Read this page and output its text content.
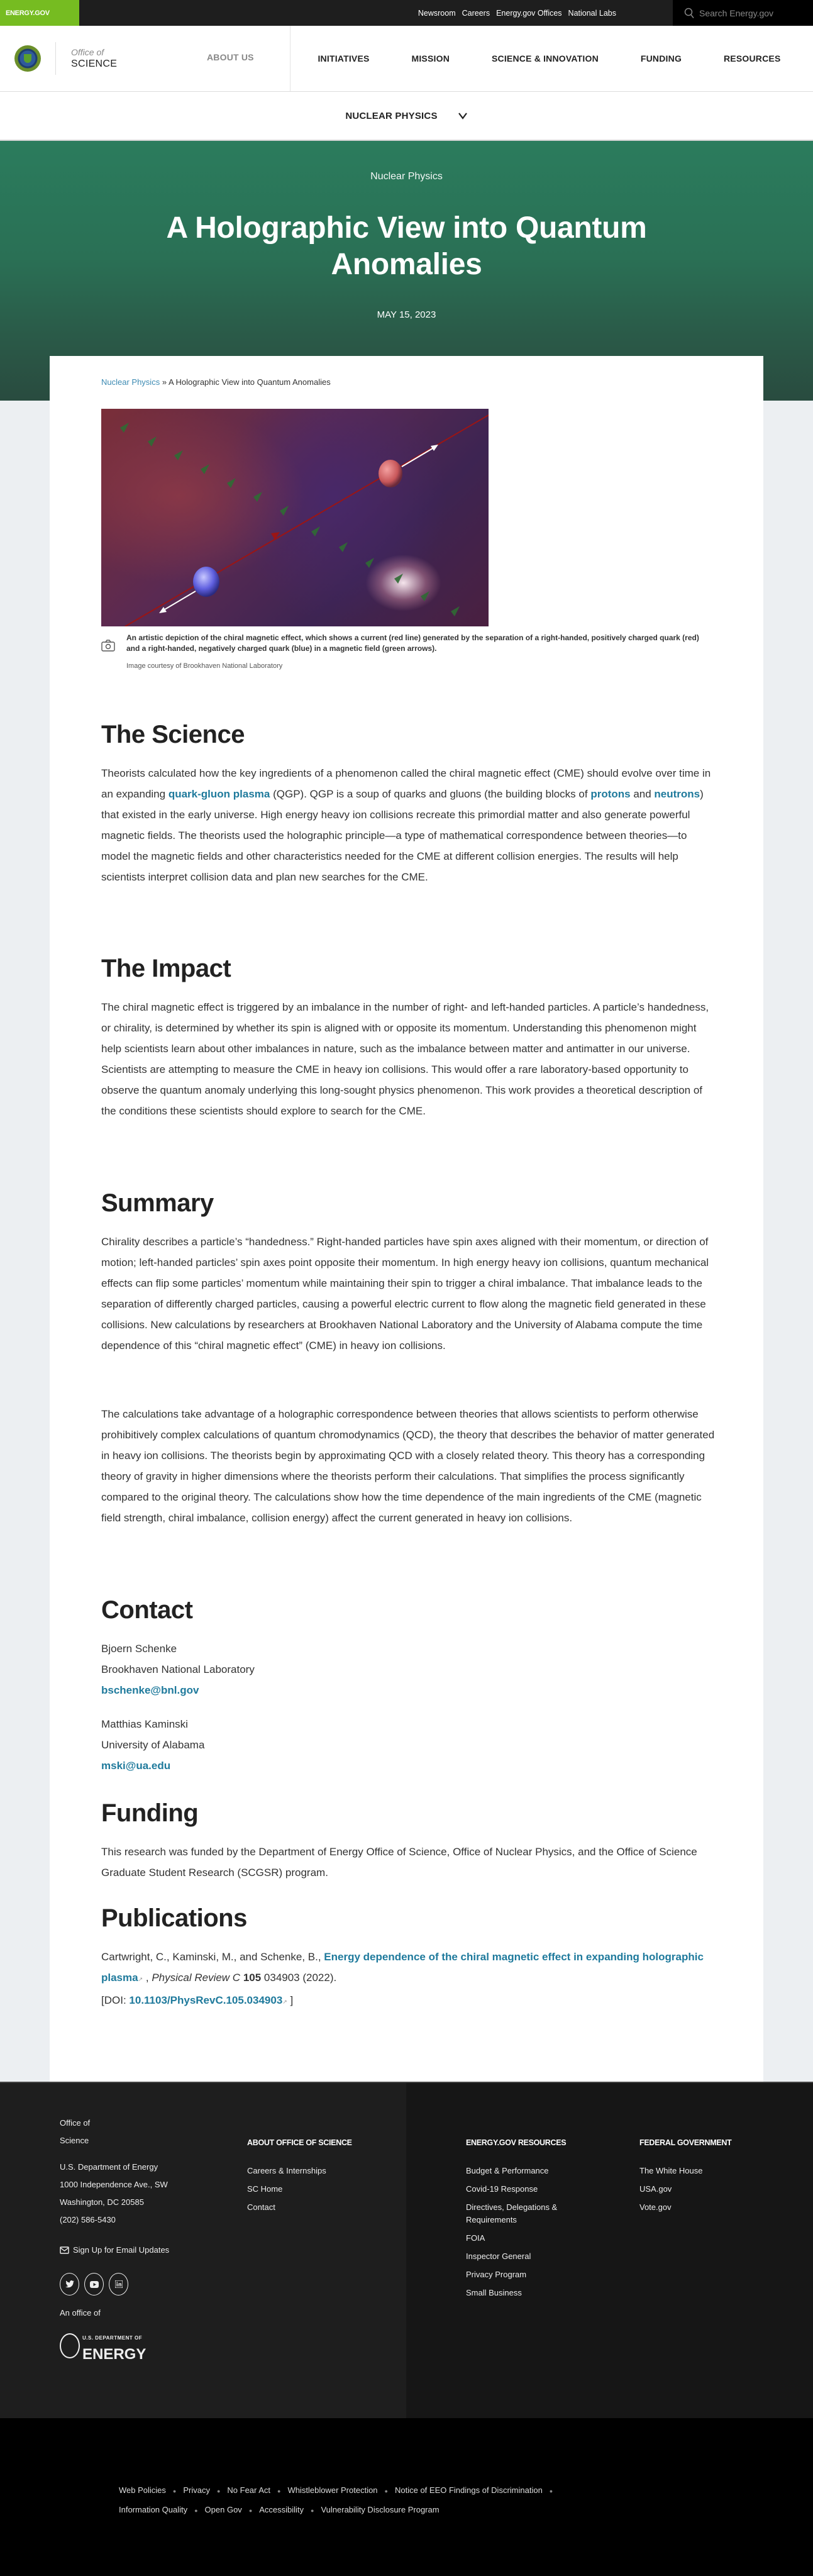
ENERGY.GOV	Newsroom Careers Energy.gov Offices National Labs	Search Energy.gov
Office of
SCIENCE
ABOUT US	INITIATIVES	MISSION	SCIENCE & INNOVATION	FUNDING	RESOURCES
NUCLEAR PHYSICS
Nuclear Physics
A Holographic View into Quantum Anomalies
MAY 15, 2023
Nuclear Physics » A Holographic View into Quantum Anomalies
An artistic depiction of the chiral magnetic effect, which shows a current (red line) generated by the separation of a right-handed, positively charged quark (red) and a right-handed, negatively charged quark (blue) in a magnetic field (green arrows).
Image courtesy of Brookhaven National Laboratory
The Science

Theorists calculated how the key ingredients of a phenomenon called the chiral magnetic effect (CME) should evolve over time in an expanding quark-gluon plasma (QGP). QGP is a soup of quarks and gluons (the building blocks of protons and neutrons) that existed in the early universe. High energy heavy ion collisions recreate this primordial matter and also generate powerful magnetic fields. The theorists used the holographic principle—a type of mathematical correspondence between theories—to model the magnetic fields and other characteristics needed for the CME at different collision energies. The results will help scientists interpret collision data and plan new searches for the CME.

The Impact

The chiral magnetic effect is triggered by an imbalance in the number of right- and left-handed particles. A particle’s handedness, or chirality, is determined by whether its spin is aligned with or opposite its momentum. Understanding this phenomenon might help scientists learn about other imbalances in nature, such as the imbalance between matter and antimatter in our universe. Scientists are attempting to measure the CME in heavy ion collisions. This would offer a rare laboratory-based opportunity to observe the quantum anomaly underlying this long-sought physics phenomenon. This work provides a theoretical description of the conditions these scientists should explore to search for the CME.

Summary

Chirality describes a particle’s “handedness.” Right-handed particles have spin axes aligned with their momentum, or direction of motion; left-handed particles’ spin axes point opposite their momentum. In high energy heavy ion collisions, quantum mechanical effects can flip some particles’ momentum while maintaining their spin to trigger a chiral imbalance. That imbalance leads to the separation of differently charged particles, causing a powerful electric current to flow along the magnetic field generated in these collisions. New calculations by researchers at Brookhaven National Laboratory and the University of Alabama compute the time dependence of this “chiral magnetic effect” (CME) in heavy ion collisions.

The calculations take advantage of a holographic correspondence between theories that allows scientists to perform otherwise prohibitively complex calculations of quantum chromodynamics (QCD), the theory that describes the behavior of matter generated in heavy ion collisions. The theorists begin by approximating QCD with a closely related theory. This theory has a corresponding theory of gravity in higher dimensions where the theorists perform their calculations. That simplifies the process significantly compared to the original theory. The calculations show how the time dependence of the main ingredients of the CME (magnetic field strength, chiral imbalance, collision energy) affect the current generated in heavy ion collisions.

Contact
Bjoern Schenke
Brookhaven National Laboratory
bschenke@bnl.gov
Matthias Kaminski
University of Alabama
mski@ua.edu
Funding

This research was funded by the Department of Energy Office of Science, Office of Nuclear Physics, and the Office of Science Graduate Student Research (SCGSR) program.

Publications

Cartwright, C., Kaminski, M., and Schenke, B., Energy dependence of the chiral magnetic effect in expanding holographic plasma↗ , Physical Review C 105 034903 (2022).
[DOI: 10.1103/PhysRevC.105.034903↗ ]

Office of
Science
U.S. Department of Energy
1000 Independence Ave., SW
Washington, DC 20585
(202) 586-5430
Sign Up for Email Updates
An office of
U.S. DEPARTMENT OF
ENERGY
ABOUT OFFICE OF SCIENCE
Careers & Internships
SC Home
Contact
ENERGY.GOV RESOURCES
Budget & Performance
Covid-19 Response
Directives, Delegations & Requirements
FOIA
Inspector General
Privacy Program
Small Business
FEDERAL GOVERNMENT
The White House
USA.gov
Vote.gov
Web Policies ● Privacy ● No Fear Act ● Whistleblower Protection ● Notice of EEO Findings of Discrimination ●
Information Quality ● Open Gov ● Accessibility ● Vulnerability Disclosure Program
